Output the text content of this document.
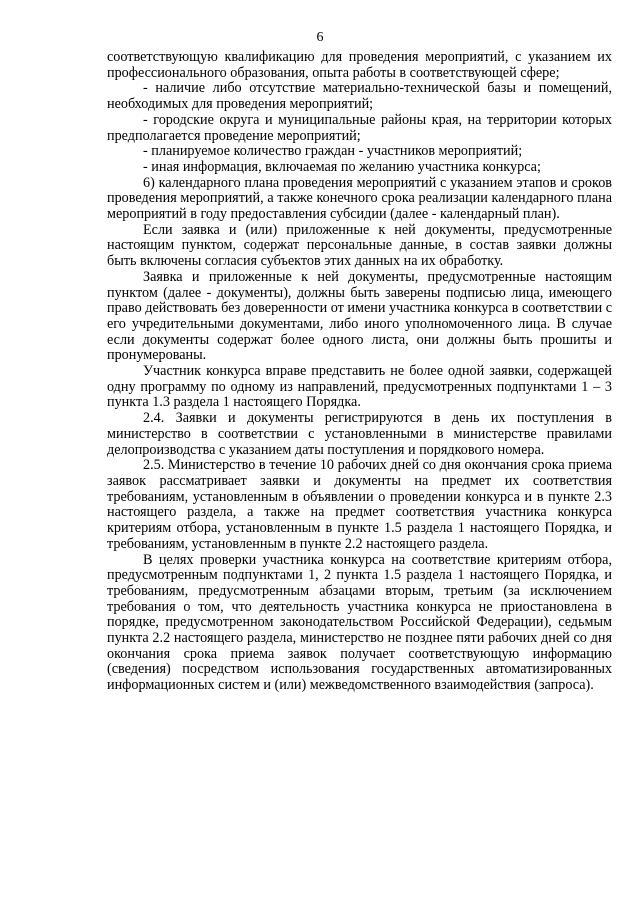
6

соответствующую квалификацию для проведения мероприятий, с указанием их профессионального образования, опыта работы в соответствующей сфере;

- наличие либо отсутствие материально-технической базы и помещений, необходимых для проведения мероприятий;

- городские округа и муниципальные районы края, на территории которых предполагается проведение мероприятий;

- планируемое количество граждан - участников мероприятий;

- иная информация, включаемая по желанию участника конкурса;

6) календарного плана проведения мероприятий с указанием этапов и сроков проведения мероприятий, а также конечного срока реализации календарного плана мероприятий в году предоставления субсидии (далее - календарный план).

Если заявка и (или) приложенные к ней документы, предусмотренные настоящим пунктом, содержат персональные данные, в состав заявки должны быть включены согласия субъектов этих данных на их обработку.

Заявка и приложенные к ней документы, предусмотренные настоящим пунктом (далее - документы), должны быть заверены подписью лица, имеющего право действовать без доверенности от имени участника конкурса в соответствии с его учредительными документами, либо иного уполномоченного лица. В случае если документы содержат более одного листа, они должны быть прошиты и пронумерованы.

Участник конкурса вправе представить не более одной заявки, содержащей одну программу по одному из направлений, предусмотренных подпунктами 1 – 3 пункта 1.3 раздела 1 настоящего Порядка.

2.4. Заявки и документы регистрируются в день их поступления в министерство в соответствии с установленными в министерстве правилами делопроизводства с указанием даты поступления и порядкового номера.

2.5. Министерство в течение 10 рабочих дней со дня окончания срока приема заявок рассматривает заявки и документы на предмет их соответствия требованиям, установленным в объявлении о проведении конкурса и в пункте 2.3 настоящего раздела, а также на предмет соответствия участника конкурса критериям отбора, установленным в пункте 1.5 раздела 1 настоящего Порядка, и требованиям, установленным в пункте 2.2 настоящего раздела.

В целях проверки участника конкурса на соответствие критериям отбора, предусмотренным подпунктами 1, 2 пункта 1.5 раздела 1 настоящего Порядка, и требованиям, предусмотренным абзацами вторым, третьим (за исключением требования о том, что деятельность участника конкурса не приостановлена в порядке, предусмотренном законодательством Российской Федерации), седьмым пункта 2.2 настоящего раздела, министерство не позднее пяти рабочих дней со дня окончания срока приема заявок получает соответствующую информацию (сведения) посредством использования государственных автоматизированных информационных систем и (или) межведомственного взаимодействия (запроса).
